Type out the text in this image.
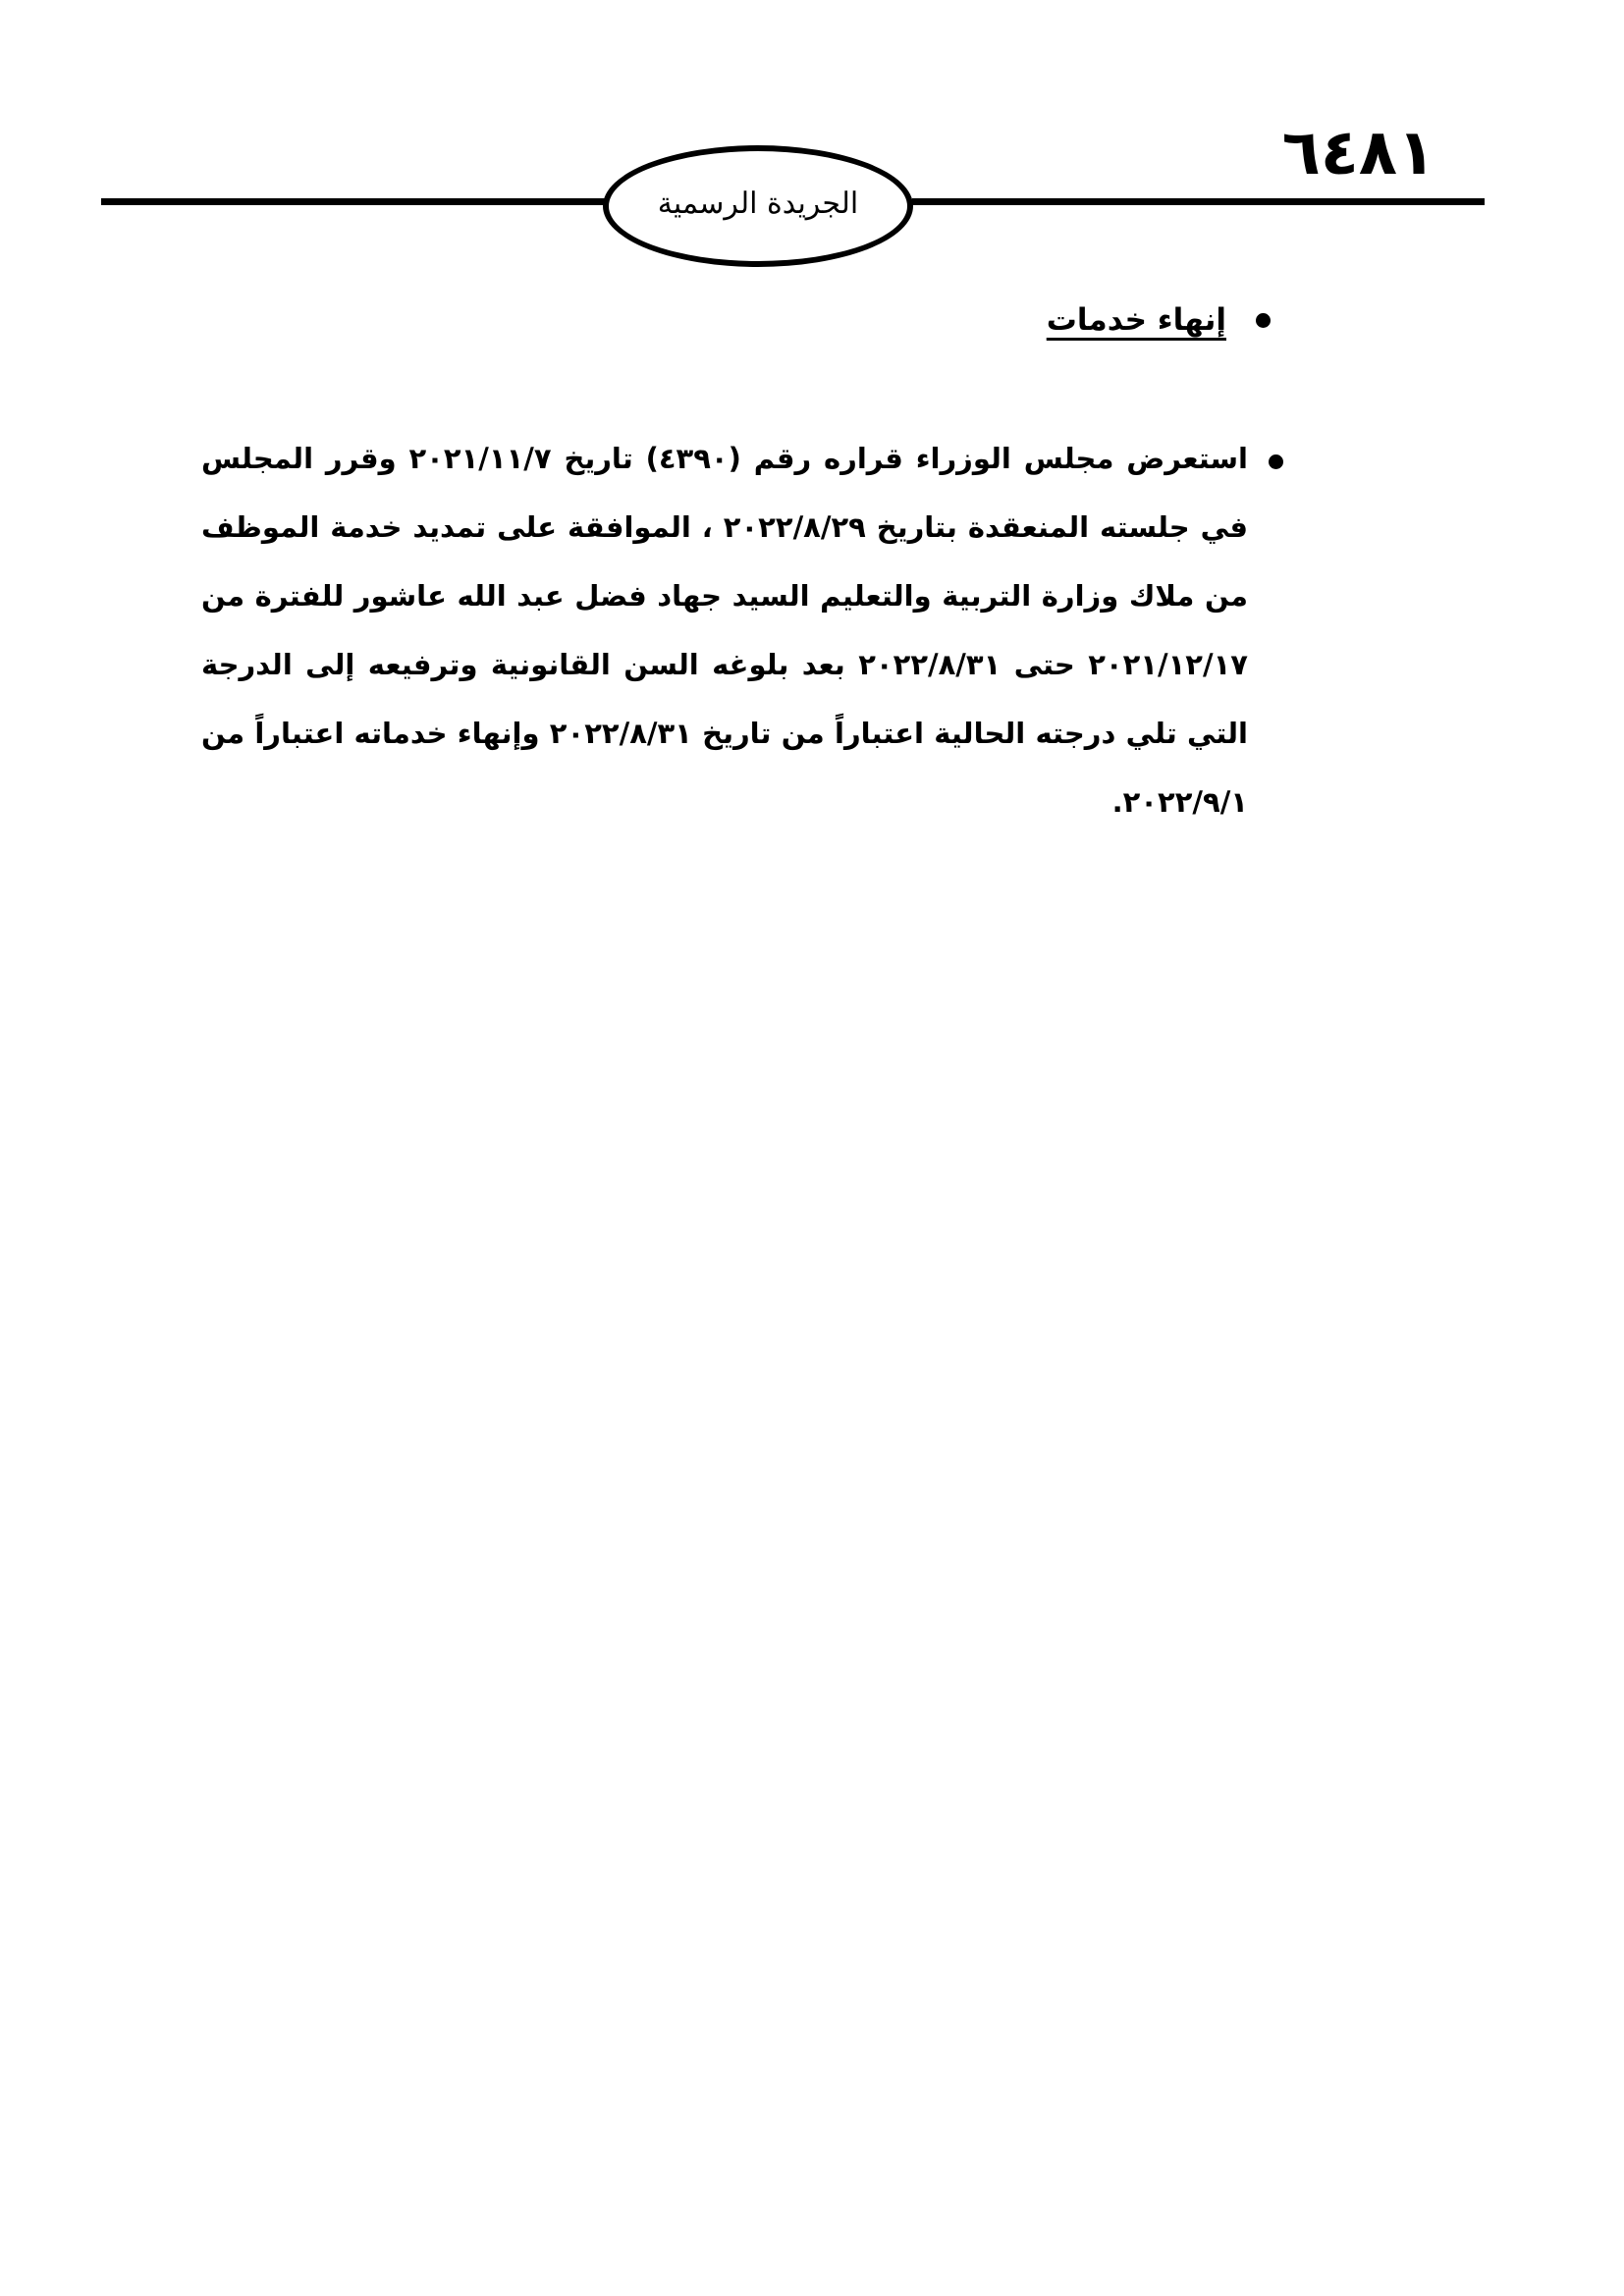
٦٤٨١
الجريدة الرسمية
إنهاء خدمات
استعرض مجلس الوزراء قراره رقم (٤٣٩٠) تاريخ ٢٠٢١/١١/٧ وقرر المجلس في جلسته المنعقدة بتاريخ ٢٠٢٢/٨/٢٩ ، الموافقة على تمديد خدمة الموظف من ملاك وزارة التربية والتعليم السيد جهاد فضل عبد الله عاشور للفترة من ٢٠٢١/١٢/١٧ حتى ٢٠٢٢/٨/٣١ بعد بلوغه السن القانونية وترفيعه إلى الدرجة التي تلي درجته الحالية اعتباراً من تاريخ ٢٠٢٢/٨/٣١ وإنهاء خدماته اعتباراً من ٢٠٢٢/٩/١.
